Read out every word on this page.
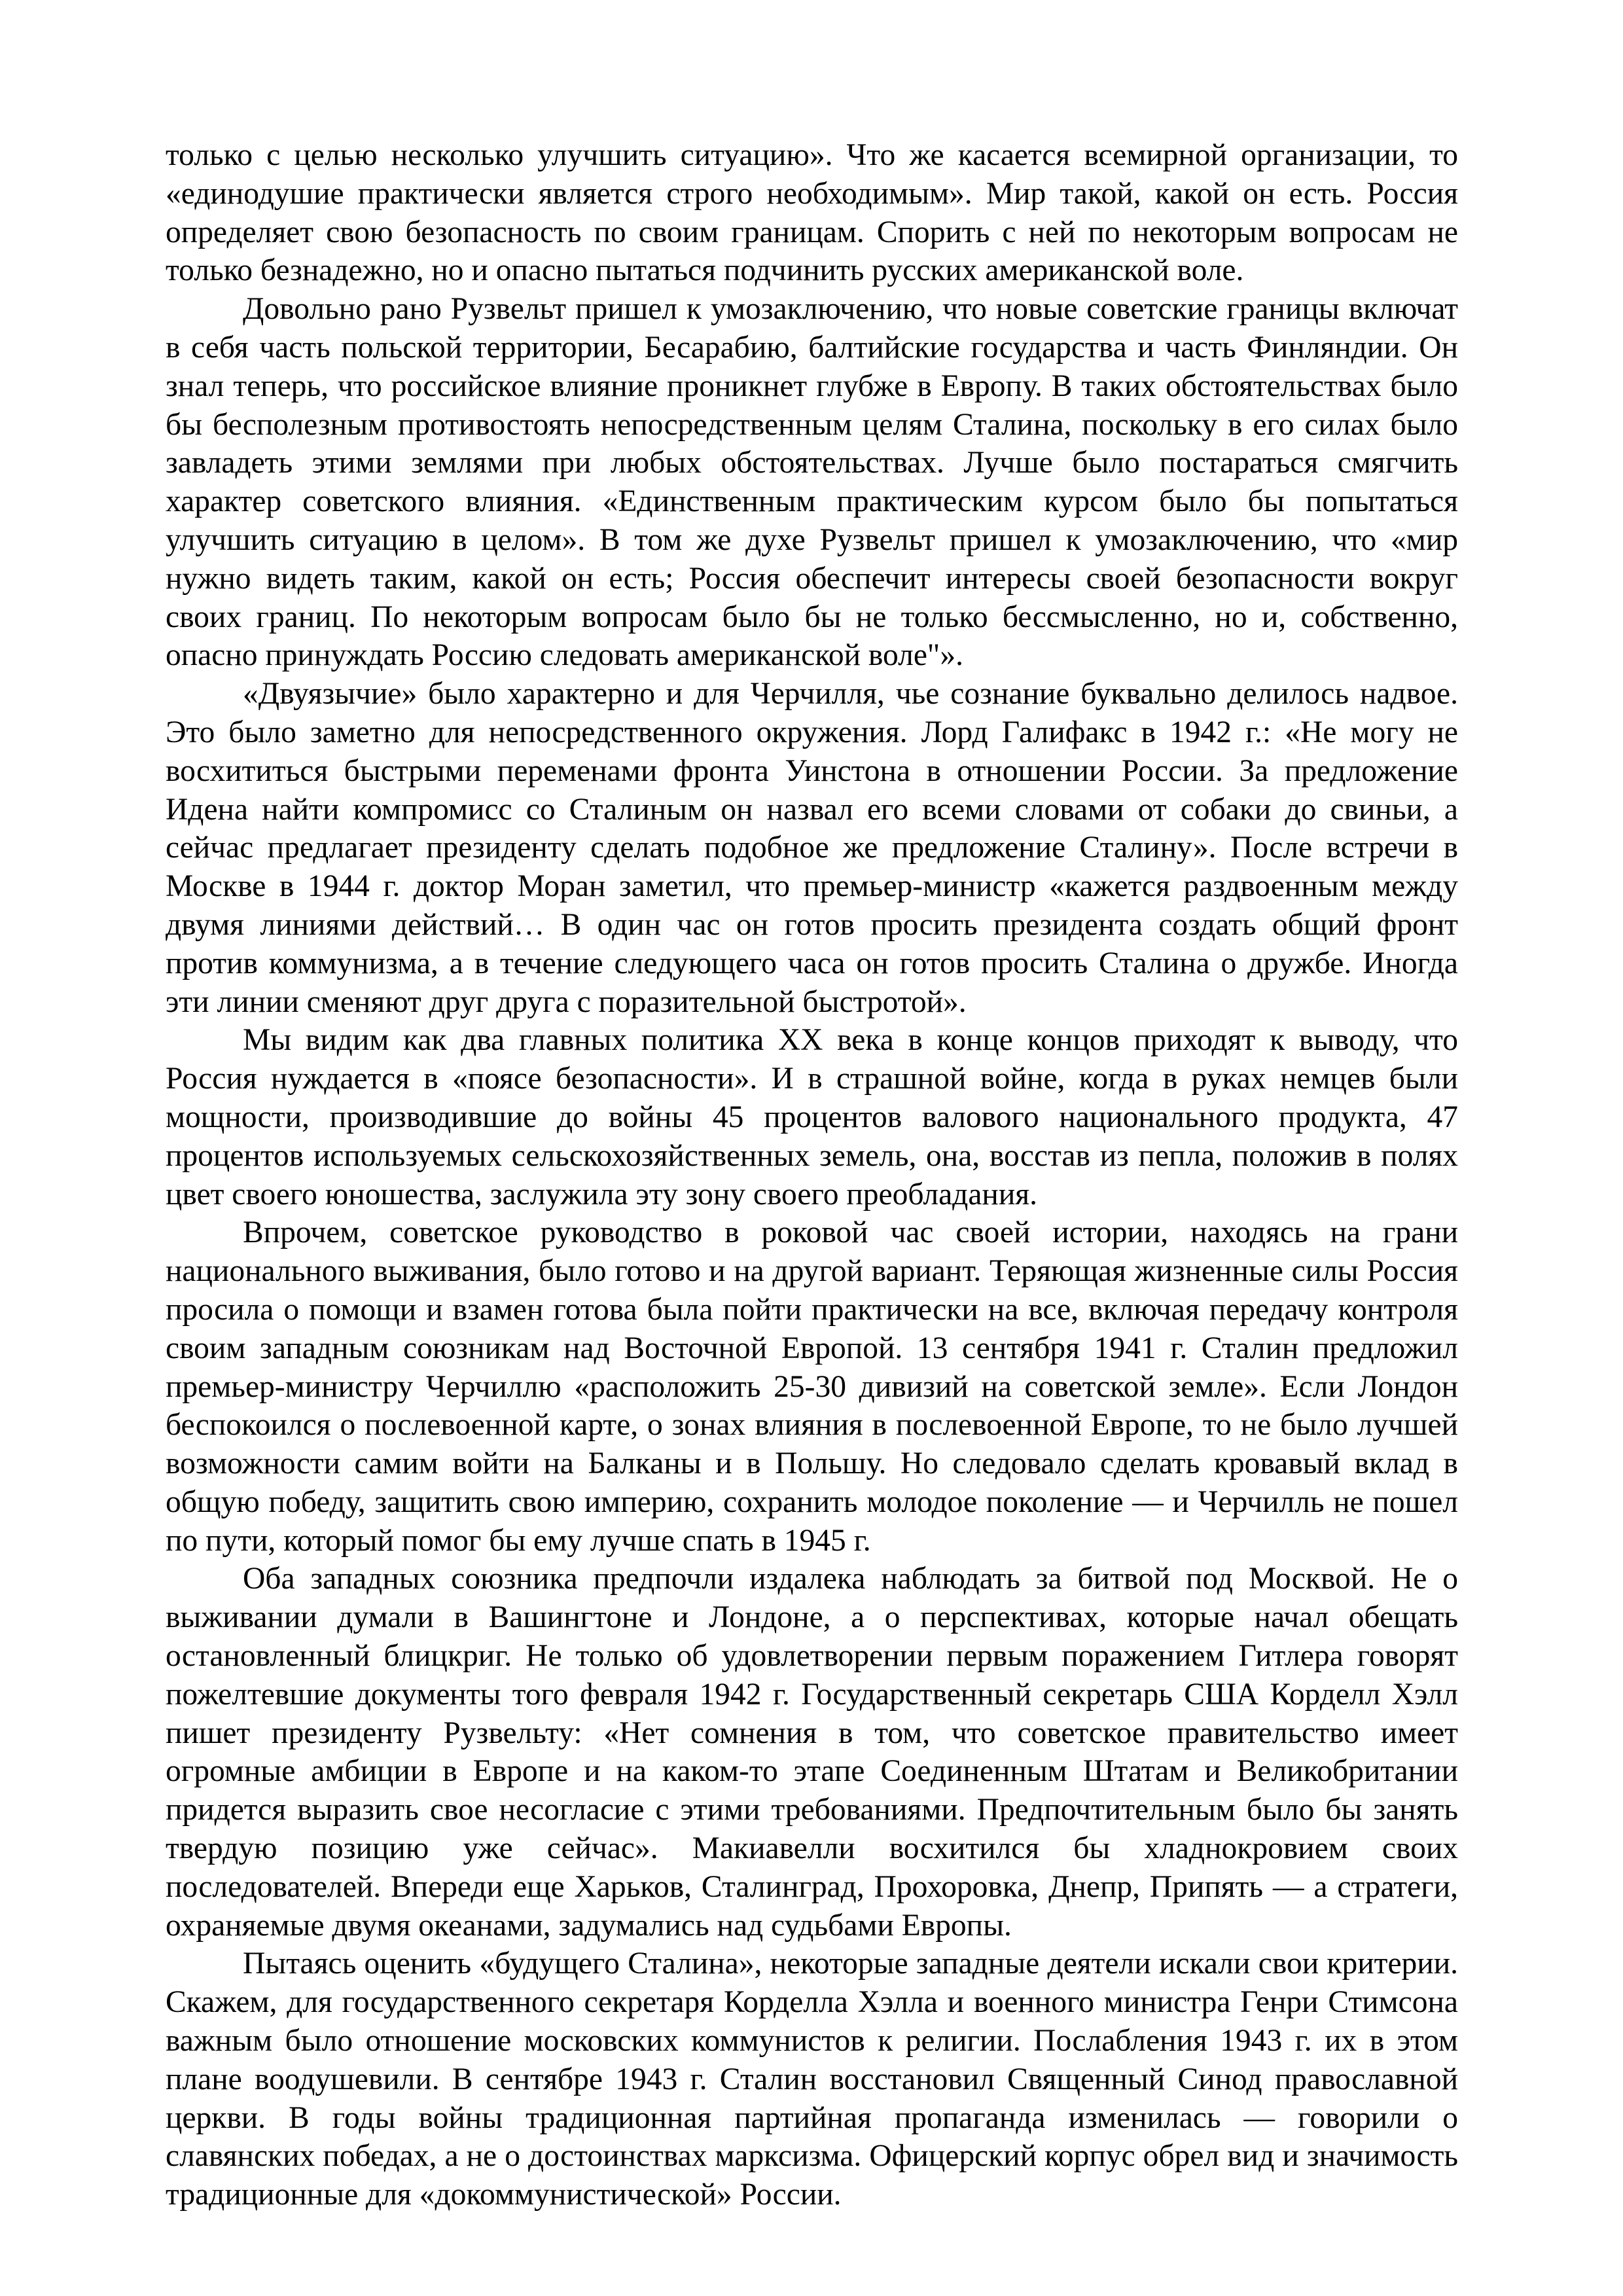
только с целью несколько улучшить ситуацию». Что же касается всемирной организации, то «единодушие практически является строго необходимым». Мир такой, какой он есть. Россия определяет свою безопасность по своим границам. Спорить с ней по некоторым вопросам не только безнадежно, но и опасно пытаться подчинить русских американской воле.

Довольно рано Рузвельт пришел к умозаключению, что новые советские границы включат в себя часть польской территории, Бесарабию, балтийские государства и часть Финляндии. Он знал теперь, что российское влияние проникнет глубже в Европу. В таких обстоятельствах было бы бесполезным противостоять непосредственным целям Сталина, поскольку в его силах было завладеть этими землями при любых обстоятельствах. Лучше было постараться смягчить характер советского влияния. «Единственным практическим курсом было бы попытаться улучшить ситуацию в целом». В том же духе Рузвельт пришел к умозаключению, что «мир нужно видеть таким, какой он есть; Россия обеспечит интересы своей безопасности вокруг своих границ. По некоторым вопросам было бы не только бессмысленно, но и, собственно, опасно принуждать Россию следовать американской воле"».

«Двуязычие» было характерно и для Черчилля, чье сознание буквально делилось надвое. Это было заметно для непосредственного окружения. Лорд Галифакс в 1942 г.: «Не могу не восхититься быстрыми переменами фронта Уинстона в отношении России. За предложение Идена найти компромисс со Сталиным он назвал его всеми словами от собаки до свиньи, а сейчас предлагает президенту сделать подобное же предложение Сталину». После встречи в Москве в 1944 г. доктор Моран заметил, что премьер-министр «кажется раздвоенным между двумя линиями действий… В один час он готов просить президента создать общий фронт против коммунизма, а в течение следующего часа он готов просить Сталина о дружбе. Иногда эти линии сменяют друг друга с поразительной быстротой».

Мы видим как два главных политика XX века в конце концов приходят к выводу, что Россия нуждается в «поясе безопасности». И в страшной войне, когда в руках немцев были мощности, производившие до войны 45 процентов валового национального продукта, 47 процентов используемых сельскохозяйственных земель, она, восстав из пепла, положив в полях цвет своего юношества, заслужила эту зону своего преобладания.

Впрочем, советское руководство в роковой час своей истории, находясь на грани национального выживания, было готово и на другой вариант. Теряющая жизненные силы Россия просила о помощи и взамен готова была пойти практически на все, включая передачу контроля своим западным союзникам над Восточной Европой. 13 сентября 1941 г. Сталин предложил премьер-министру Черчиллю «расположить 25-30 дивизий на советской земле». Если Лондон беспокоился о послевоенной карте, о зонах влияния в послевоенной Европе, то не было лучшей возможности самим войти на Балканы и в Польшу. Но следовало сделать кровавый вклад в общую победу, защитить свою империю, сохранить молодое поколение — и Черчилль не пошел по пути, который помог бы ему лучше спать в 1945 г.

Оба западных союзника предпочли издалека наблюдать за битвой под Москвой. Не о выживании думали в Вашингтоне и Лондоне, а о перспективах, которые начал обещать остановленный блицкриг. Не только об удовлетворении первым поражением Гитлера говорят пожелтевшие документы того февраля 1942 г. Государственный секретарь США Корделл Хэлл пишет президенту Рузвельту: «Нет сомнения в том, что советское правительство имеет огромные амбиции в Европе и на каком-то этапе Соединенным Штатам и Великобритании придется выразить свое несогласие с этими требованиями. Предпочтительным было бы занять твердую позицию уже сейчас». Макиавелли восхитился бы хладнокровием своих последователей. Впереди еще Харьков, Сталинград, Прохоровка, Днепр, Припять — а стратеги, охраняемые двумя океанами, задумались над судьбами Европы.

Пытаясь оценить «будущего Сталина», некоторые западные деятели искали свои критерии. Скажем, для государственного секретаря Корделла Хэлла и военного министра Генри Стимсона важным было отношение московских коммунистов к религии. Послабления 1943 г. их в этом плане воодушевили. В сентябре 1943 г. Сталин восстановил Священный Синод православной церкви. В годы войны традиционная партийная пропаганда изменилась — говорили о славянских победах, а не о достоинствах марксизма. Офицерский корпус обрел вид и значимость традиционные для «докоммунистической» России.
